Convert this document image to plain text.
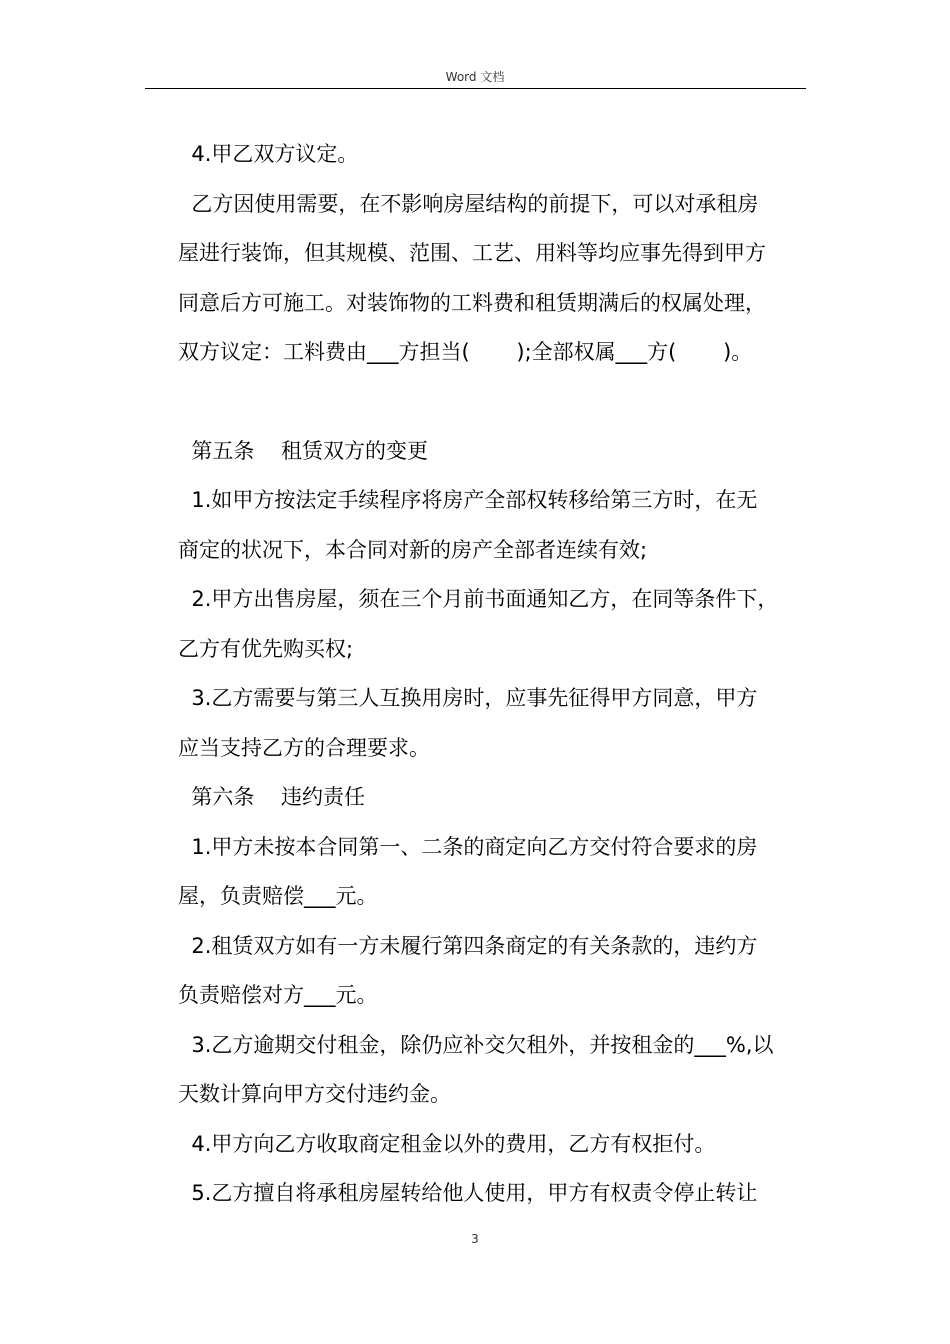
Word 文档

4.甲乙双方议定。

乙方因使用需要，在不影响房屋结构的前提下，可以对承租房

屋进行装饰，但其规模、范围、工艺、用料等均应事先得到甲方

同意后方可施工。对装饰物的工料费和租赁期满后的权属处理，

双方议定：工料费由___方担当(       );全部权属___方(       )。

第五条    租赁双方的变更

1.如甲方按法定手续程序将房产全部权转移给第三方时，在无

商定的状况下，本合同对新的房产全部者连续有效;

2.甲方出售房屋，须在三个月前书面通知乙方，在同等条件下，

乙方有优先购买权;

3.乙方需要与第三人互换用房时，应事先征得甲方同意，甲方

应当支持乙方的合理要求。

第六条    违约责任

1.甲方未按本合同第一、二条的商定向乙方交付符合要求的房

屋，负责赔偿___元。

2.租赁双方如有一方未履行第四条商定的有关条款的，违约方

负责赔偿对方___元。

3.乙方逾期交付租金，除仍应补交欠租外，并按租金的___%,以

天数计算向甲方交付违约金。

4.甲方向乙方收取商定租金以外的费用，乙方有权拒付。

5.乙方擅自将承租房屋转给他人使用，甲方有权责令停止转让

3
